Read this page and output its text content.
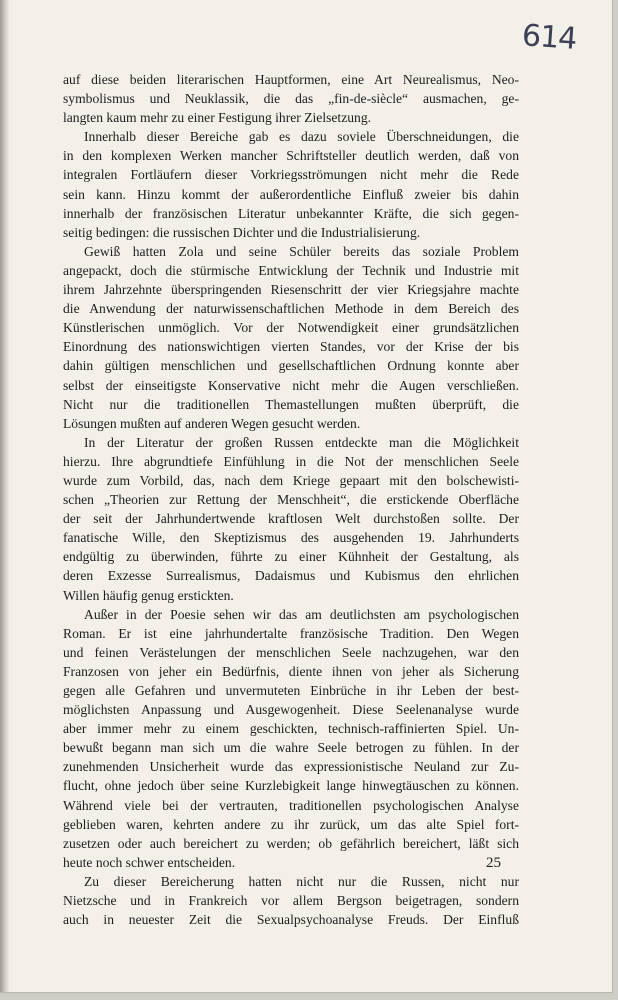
614
auf diese beiden literarischen Hauptformen, eine Art Neurealismus, Neo-
symbolismus und Neuklassik, die das „fin-de-siècle“ ausmachen, ge-
langten kaum mehr zu einer Festigung ihrer Zielsetzung.
Innerhalb dieser Bereiche gab es dazu soviele Überschneidungen, die
in den komplexen Werken mancher Schriftsteller deutlich werden, daß von
integralen Fortläufern dieser Vorkriegsströmungen nicht mehr die Rede
sein kann. Hinzu kommt der außerordentliche Einfluß zweier bis dahin
innerhalb der französischen Literatur unbekannter Kräfte, die sich gegen-
seitig bedingen: die russischen Dichter und die Industrialisierung.
Gewiß hatten Zola und seine Schüler bereits das soziale Problem
angepackt, doch die stürmische Entwicklung der Technik und Industrie mit
ihrem Jahrzehnte überspringenden Riesenschritt der vier Kriegsjahre machte
die Anwendung der naturwissenschaftlichen Methode in dem Bereich des
Künstlerischen unmöglich. Vor der Notwendigkeit einer grundsätzlichen
Einordnung des nationswichtigen vierten Standes, vor der Krise der bis
dahin gültigen menschlichen und gesellschaftlichen Ordnung konnte aber
selbst der einseitigste Konservative nicht mehr die Augen verschließen.
Nicht nur die traditionellen Themastellungen mußten überprüft, die
Lösungen mußten auf anderen Wegen gesucht werden.
In der Literatur der großen Russen entdeckte man die Möglichkeit
hierzu. Ihre abgrundtiefe Einfühlung in die Not der menschlichen Seele
wurde zum Vorbild, das, nach dem Kriege gepaart mit den bolschewisti-
schen „Theorien zur Rettung der Menschheit“, die erstickende Oberfläche
der seit der Jahrhundertwende kraftlosen Welt durchstoßen sollte. Der
fanatische Wille, den Skeptizismus des ausgehenden 19. Jahrhunderts
endgültig zu überwinden, führte zu einer Kühnheit der Gestaltung, als
deren Exzesse Surrealismus, Dadaismus und Kubismus den ehrlichen
Willen häufig genug erstickten.
Außer in der Poesie sehen wir das am deutlichsten am psychologischen
Roman. Er ist eine jahrhundertalte französische Tradition. Den Wegen
und feinen Verästelungen der menschlichen Seele nachzugehen, war den
Franzosen von jeher ein Bedürfnis, diente ihnen von jeher als Sicherung
gegen alle Gefahren und unvermuteten Einbrüche in ihr Leben der best-
möglichsten Anpassung und Ausgewogenheit. Diese Seelenanalyse wurde
aber immer mehr zu einem geschickten, technisch-raffinierten Spiel. Un-
bewußt begann man sich um die wahre Seele betrogen zu fühlen. In der
zunehmenden Unsicherheit wurde das expressionistische Neuland zur Zu-
flucht, ohne jedoch über seine Kurzlebigkeit lange hinwegtäuschen zu können.
Während viele bei der vertrauten, traditionellen psychologischen Analyse
geblieben waren, kehrten andere zu ihr zurück, um das alte Spiel fort-
zusetzen oder auch bereichert zu werden; ob gefährlich bereichert, läßt sich
heute noch schwer entscheiden.
Zu dieser Bereicherung hatten nicht nur die Russen, nicht nur
Nietzsche und in Frankreich vor allem Bergson beigetragen, sondern
auch in neuester Zeit die Sexualpsychoanalyse Freuds. Der Einfluß
25
